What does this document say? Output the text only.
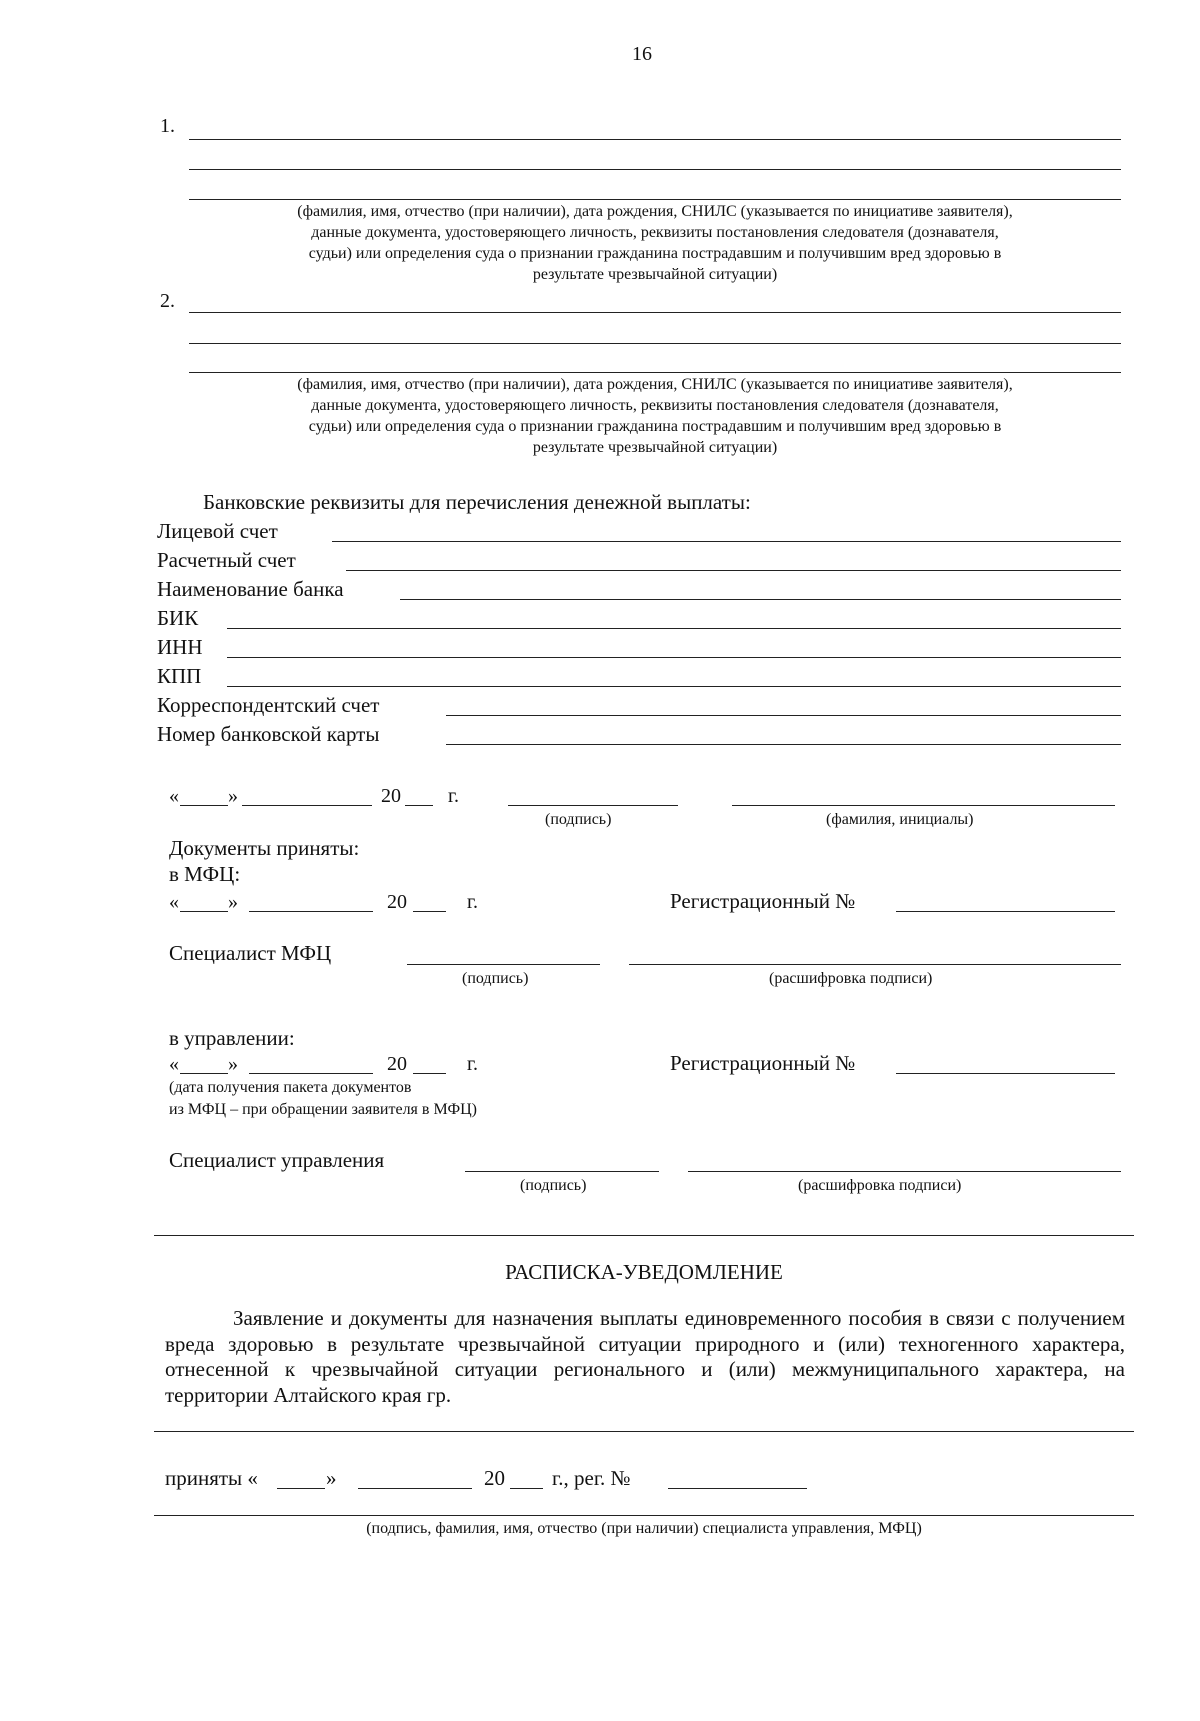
16
1.
(фамилия, имя, отчество (при наличии), дата рождения, СНИЛС (указывается по инициативе заявителя),
данные документа, удостоверяющего личность, реквизиты постановления следователя (дознавателя,
судьи) или определения суда о признании гражданина пострадавшим и получившим вред здоровью в
результате чрезвычайной ситуации)
2.
(фамилия, имя, отчество (при наличии), дата рождения, СНИЛС (указывается по инициативе заявителя),
данные документа, удостоверяющего личность, реквизиты постановления следователя (дознавателя,
судьи) или определения суда о признании гражданина пострадавшим и получившим вред здоровью в
результате чрезвычайной ситуации)
Банковские реквизиты для перечисления денежной выплаты:
Лицевой счет
Расчетный счет
Наименование банка
БИК
ИНН
КПП
Корреспондентский счет
Номер банковской карты
« »	20 г.
(подпись)	(фамилия, инициалы)
Документы приняты:
в МФЦ:
« »	20	г.	Регистрационный №
Специалист МФЦ
(подпись)	(расшифровка подписи)
в управлении:
« »	20	г.	Регистрационный №
(дата получения пакета документов
из МФЦ – при обращении заявителя в МФЦ)
Специалист управления
(подпись)	(расшифровка подписи)
РАСПИСКА-УВЕДОМЛЕНИЕ
Заявление и документы для назначения выплаты единовременного пособия в связи с получением вреда здоровью в результате чрезвычайной ситуации природного и (или) техногенного характера, отнесенной к чрезвычайной ситуации регионального и (или) межмуниципального характера, на территории Алтайского края гр.
приняты «	»	20 г., рег. №
(подпись, фамилия, имя, отчество (при наличии) специалиста управления, МФЦ)
